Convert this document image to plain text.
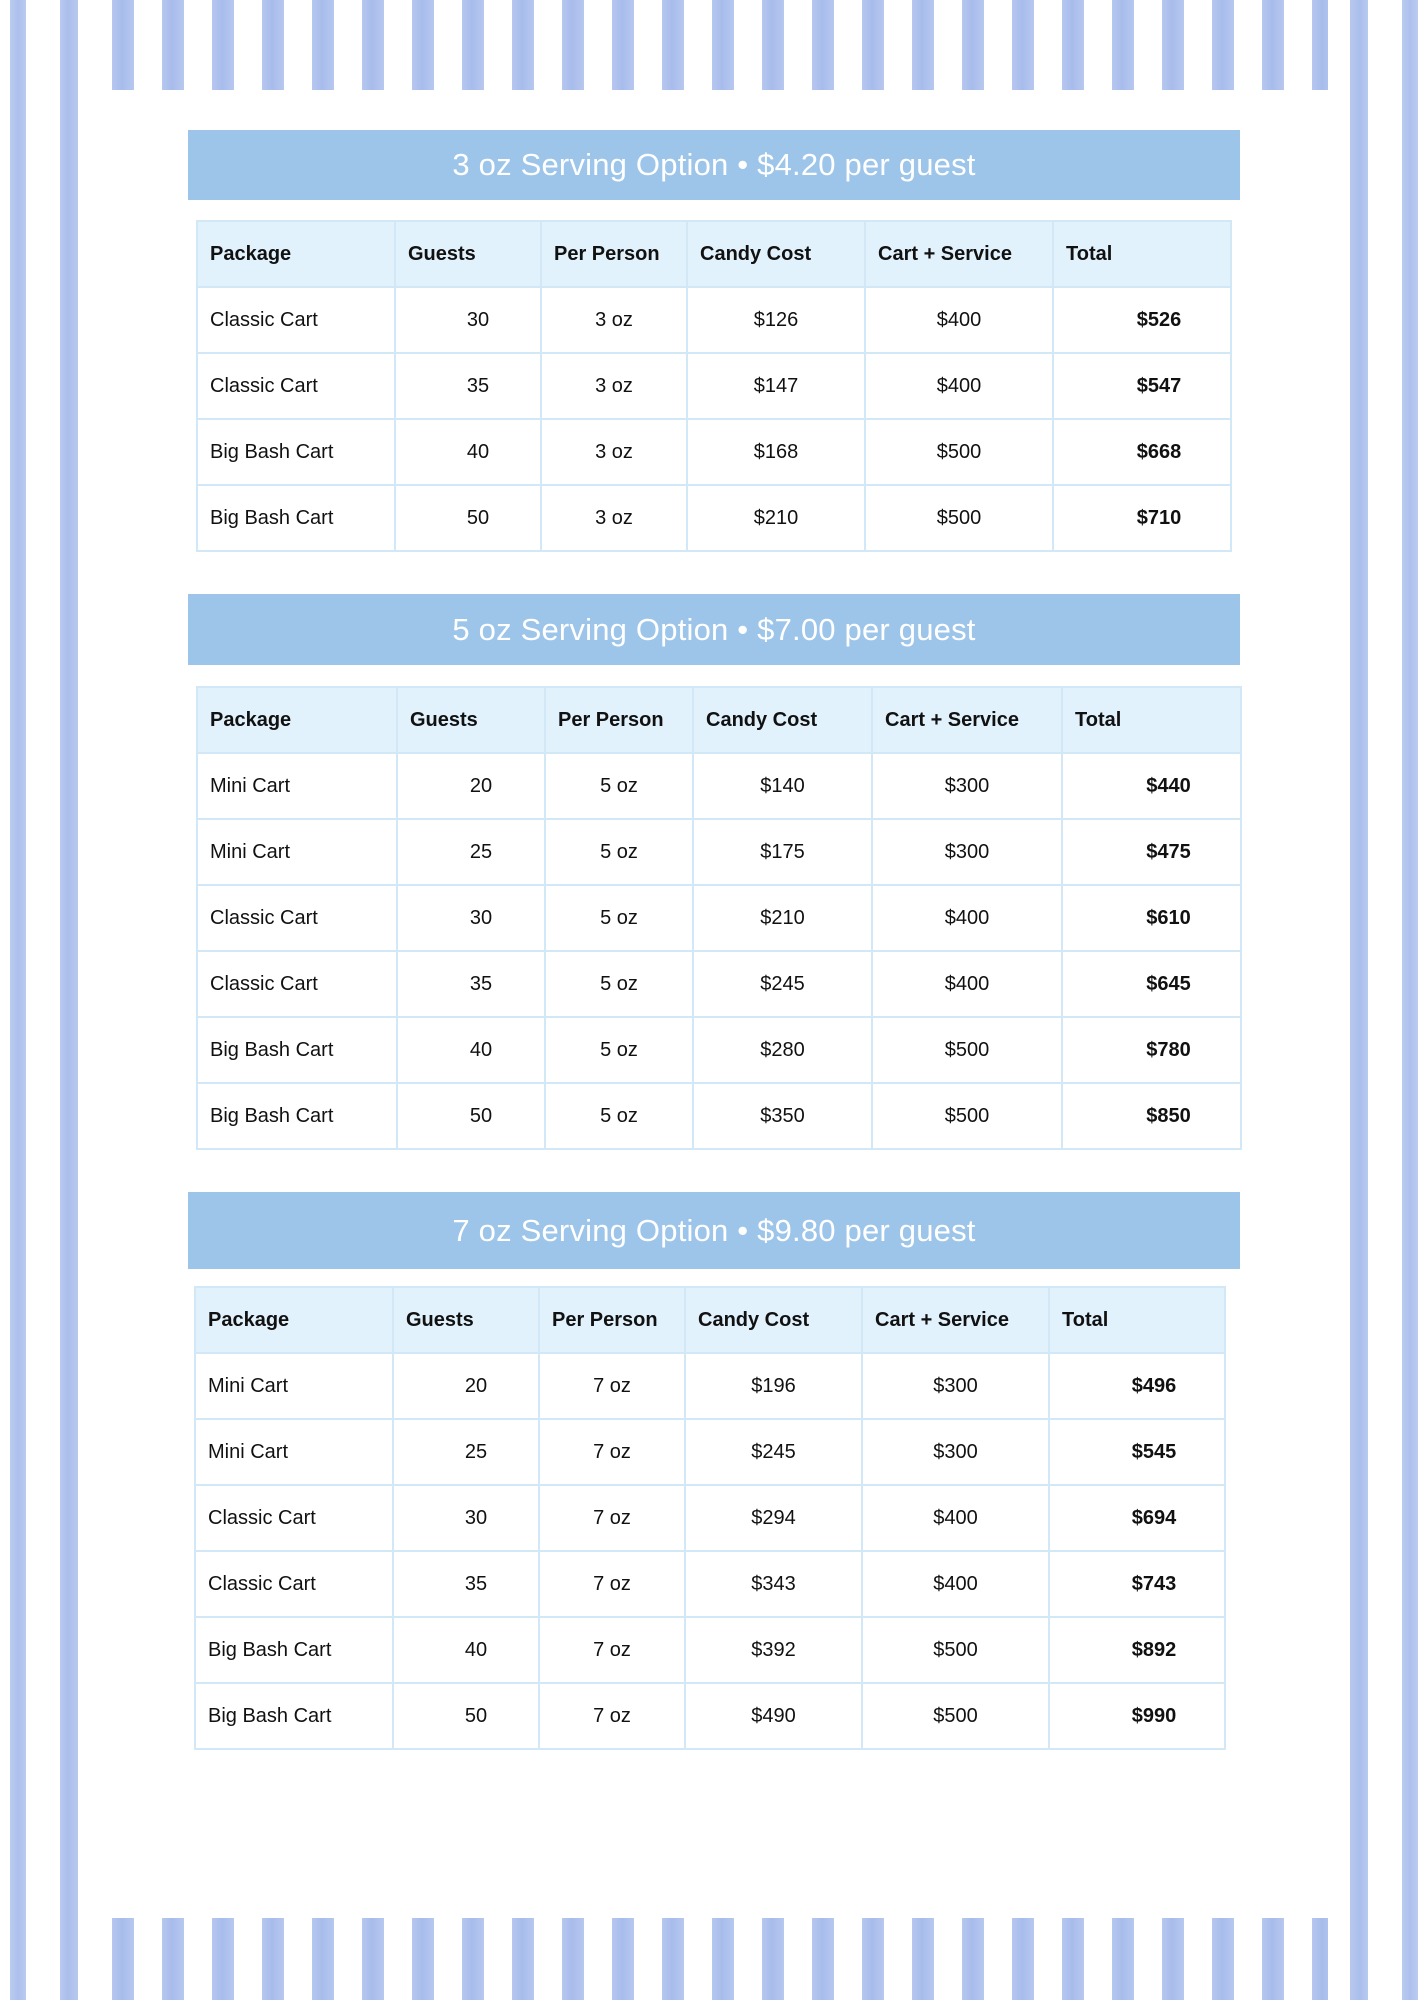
3 oz Serving Option • $4.20 per guest
Package	Guests	Per Person	Candy Cost	Cart + Service	Total
Classic Cart	30	3 oz	$126	$400	$526
Classic Cart	35	3 oz	$147	$400	$547
Big Bash Cart	40	3 oz	$168	$500	$668
Big Bash Cart	50	3 oz	$210	$500	$710
5 oz Serving Option • $7.00 per guest
Package	Guests	Per Person	Candy Cost	Cart + Service	Total
Mini Cart	20	5 oz	$140	$300	$440
Mini Cart	25	5 oz	$175	$300	$475
Classic Cart	30	5 oz	$210	$400	$610
Classic Cart	35	5 oz	$245	$400	$645
Big Bash Cart	40	5 oz	$280	$500	$780
Big Bash Cart	50	5 oz	$350	$500	$850
7 oz Serving Option • $9.80 per guest
Package	Guests	Per Person	Candy Cost	Cart + Service	Total
Mini Cart	20	7 oz	$196	$300	$496
Mini Cart	25	7 oz	$245	$300	$545
Classic Cart	30	7 oz	$294	$400	$694
Classic Cart	35	7 oz	$343	$400	$743
Big Bash Cart	40	7 oz	$392	$500	$892
Big Bash Cart	50	7 oz	$490	$500	$990
